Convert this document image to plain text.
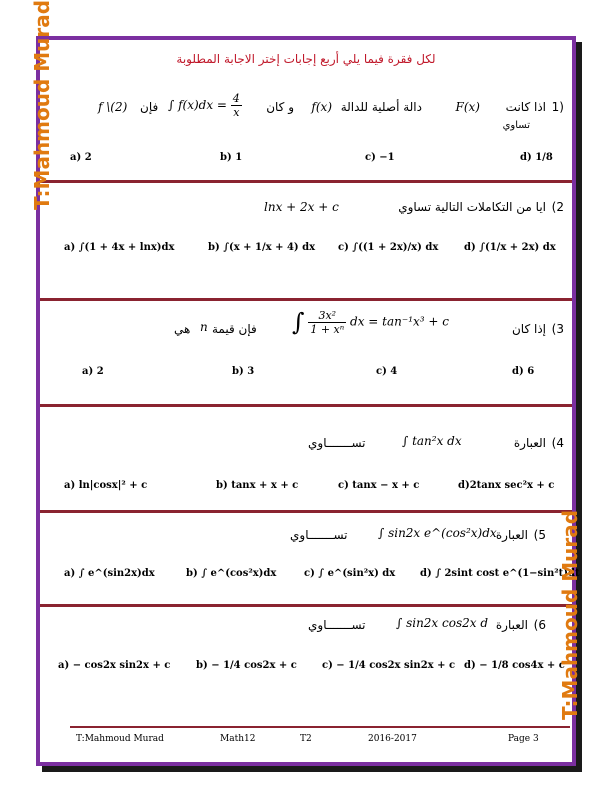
لكل فقرة فيما يلي أربع إجابات إختر الاجابة المطلوبة
1)
اذا كانت
F(x)
دالة أصلية للدالة
f(x)
و كان
∫ $f(x)dx = \frac{4}{x}$
فإن
f \(2)
تساوي
a) 2	b) 1	c) −1	d) 1/8
2)
ايا من التكاملات التالية تساوي
lnx + 2x + c
a) ∫(1 + 4x + lnx)dx	b) ∫(x + 1/x + 4) dx c) ∫((1 + 2x)/x) dx	d) ∫(1/x + 2x) dx
3)
إذا كان
∫ $\frac{\text{3x²}}{\text{1 + xⁿ}}$ dx = tan⁻¹x³ + c
فإن قيمة
n
هي
a) 2	b) 3	c) 4	d) 6
4)
العبارة
∫ tan²x dx
تســـــــاوي
a) ln|cosx|² + c	b) tanx + x + c	c) tanx − x + c	d)2tanx sec²x + c
5)
العبارة
∫ sin2x e^(cos²x)dx
تســـــــاوي
a) ∫ e^(sin2x)dx	b) ∫ e^(cos²x)dx	c) ∫ e^(sin²x) dx d) ∫ 2sint cost e^(1−sin²t)dt
6)
العبارة
∫ sin2x cos2x d
تســـــــاوي
a) − cos2x sin2x + c	b) − 1/4 cos2x + c	c) − 1/4 cos2x sin2x + c d) − 1/8 cos4x + c
T:Mahmoud Murad	Math12	T2	2016-2017	Page 3
T:Mahmoud Murad
T:Mahmoud Murad
